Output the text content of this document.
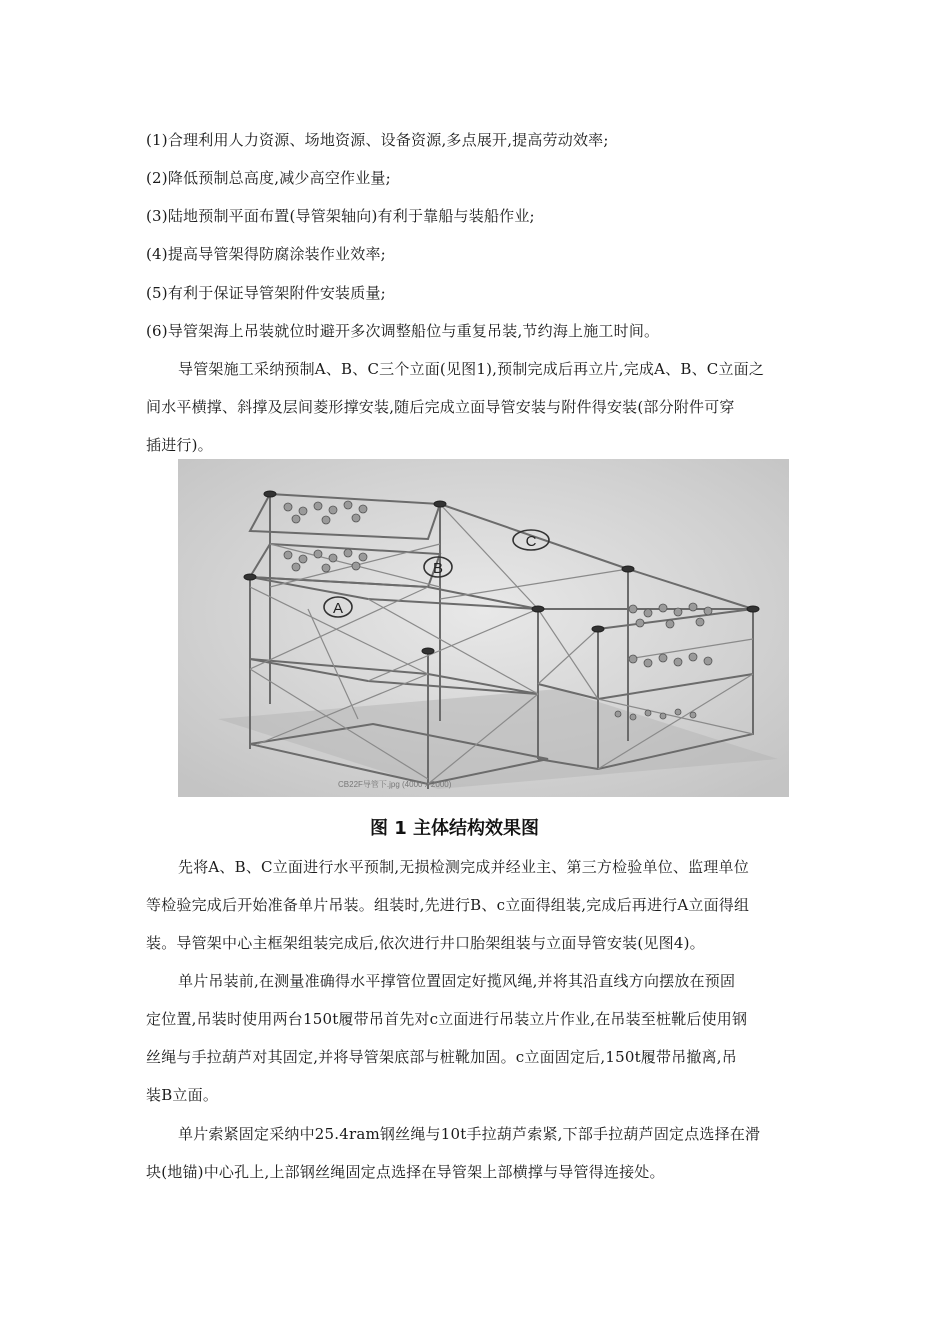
(1)合理利用人力资源、场地资源、设备资源,多点展开,提高劳动效率;
(2)降低预制总高度,减少高空作业量;
(3)陆地预制平面布置(导管架轴向)有利于靠船与装船作业;
(4)提高导管架得防腐涂装作业效率;
(5)有利于保证导管架附件安装质量;
(6)导管架海上吊装就位时避开多次调整船位与重复吊装,节约海上施工时间。
导管架施工采纳预制A、B、C三个立面(见图1),预制完成后再立片,完成A、B、C立面之
间水平横撑、斜撑及层间菱形撑安装,随后完成立面导管安装与附件得安装(部分附件可穿
插进行)。
A
B
C
CB22F导管下.jpg (4000 x 2000)
图 1 主体结构效果图
先将A、B、C立面进行水平预制,无损检测完成并经业主、第三方检验单位、监理单位
等检验完成后开始准备单片吊装。组装时,先进行B、c立面得组装,完成后再进行A立面得组
装。导管架中心主框架组装完成后,依次进行井口胎架组装与立面导管安装(见图4)。
单片吊装前,在测量准确得水平撑管位置固定好揽风绳,并将其沿直线方向摆放在预固
定位置,吊装时使用两台150t履带吊首先对c立面进行吊装立片作业,在吊装至桩靴后使用钢
丝绳与手拉葫芦对其固定,并将导管架底部与桩靴加固。c立面固定后,150t履带吊撤离,吊
装B立面。
单片索紧固定采纳中25.4ram钢丝绳与10t手拉葫芦索紧,下部手拉葫芦固定点选择在滑
块(地锚)中心孔上,上部钢丝绳固定点选择在导管架上部横撑与导管得连接处。
